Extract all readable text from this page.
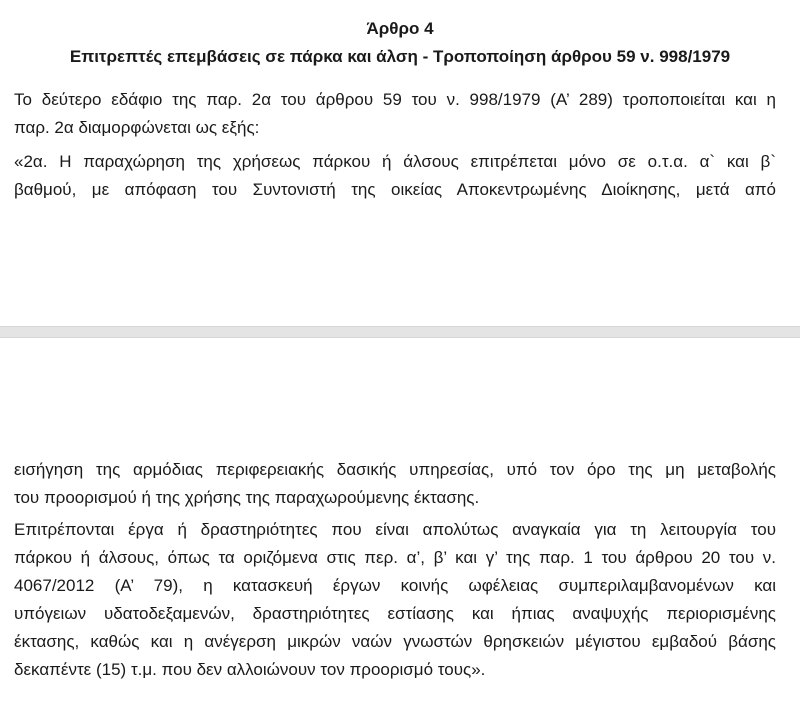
Άρθρο 4
Επιτρεπτές επεμβάσεις σε πάρκα και άλση - Τροποποίηση άρθρου 59 ν. 998/1979
Το δεύτερο εδάφιο της παρ. 2α του άρθρου 59 του ν. 998/1979 (Α’ 289) τροποποιείται και η
παρ. 2α διαμορφώνεται ως εξής:
«2α. Η παραχώρηση της χρήσεως πάρκου ή άλσους επιτρέπεται μόνο σε ο.τ.α. α` και β`
βαθμού, με απόφαση του Συντονιστή της οικείας Αποκεντρωμένης Διοίκησης, μετά από
εισήγηση της αρμόδιας περιφερειακής δασικής υπηρεσίας, υπό τον όρο της μη μεταβολής
του προορισμού ή της χρήσης της παραχωρούμενης έκτασης.
Επιτρέπονται έργα ή δραστηριότητες που είναι απολύτως αναγκαία για τη λειτουργία του
πάρκου ή άλσους, όπως τα οριζόμενα στις περ. α’, β’ και γ’ της παρ. 1 του άρθρου 20 του ν.
4067/2012 (Α’ 79), η κατασκευή έργων κοινής ωφέλειας συμπεριλαμβανομένων και
υπόγειων υδατοδεξαμενών, δραστηριότητες εστίασης και ήπιας αναψυχής περιορισμένης
έκτασης, καθώς και η ανέγερση μικρών ναών γνωστών θρησκειών μέγιστου εμβαδού βάσης
δεκαπέντε (15) τ.μ. που δεν αλλοιώνουν τον προορισμό τους».
